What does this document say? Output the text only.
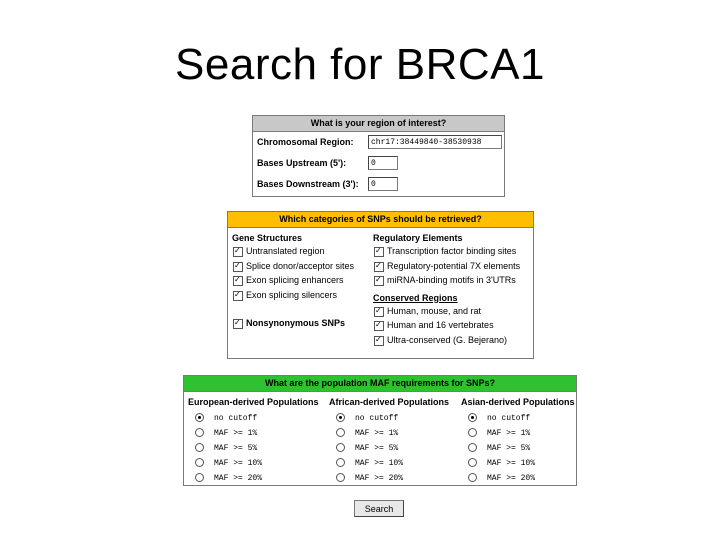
Search for BRCA1
What is your region of interest?
Chromosomal Region:
chr17:38449840-38530938
Bases Upstream (5'):
0
Bases Downstream (3'):
0
Which categories of SNPs should be retrieved?
Gene Structures
✓
Untranslated region
✓
Splice donor/acceptor sites
✓
Exon splicing enhancers
✓
Exon splicing silencers
✓
Nonsynonymous SNPs
Regulatory Elements
✓
Transcription factor binding sites
✓
Regulatory-potential 7X elements
✓
miRNA-binding motifs in 3'UTRs
Conserved Regions
✓
Human, mouse, and rat
✓
Human and 16 vertebrates
✓
Ultra-conserved (G. Bejerano)
What are the population MAF requirements for SNPs?
European-derived Populations
no cutoff
MAF >= 1%
MAF >= 5%
MAF >= 10%
MAF >= 20%
African-derived Populations
no cutoff
MAF >= 1%
MAF >= 5%
MAF >= 10%
MAF >= 20%
Asian-derived Populations
no cutoff
MAF >= 1%
MAF >= 5%
MAF >= 10%
MAF >= 20%
Search
